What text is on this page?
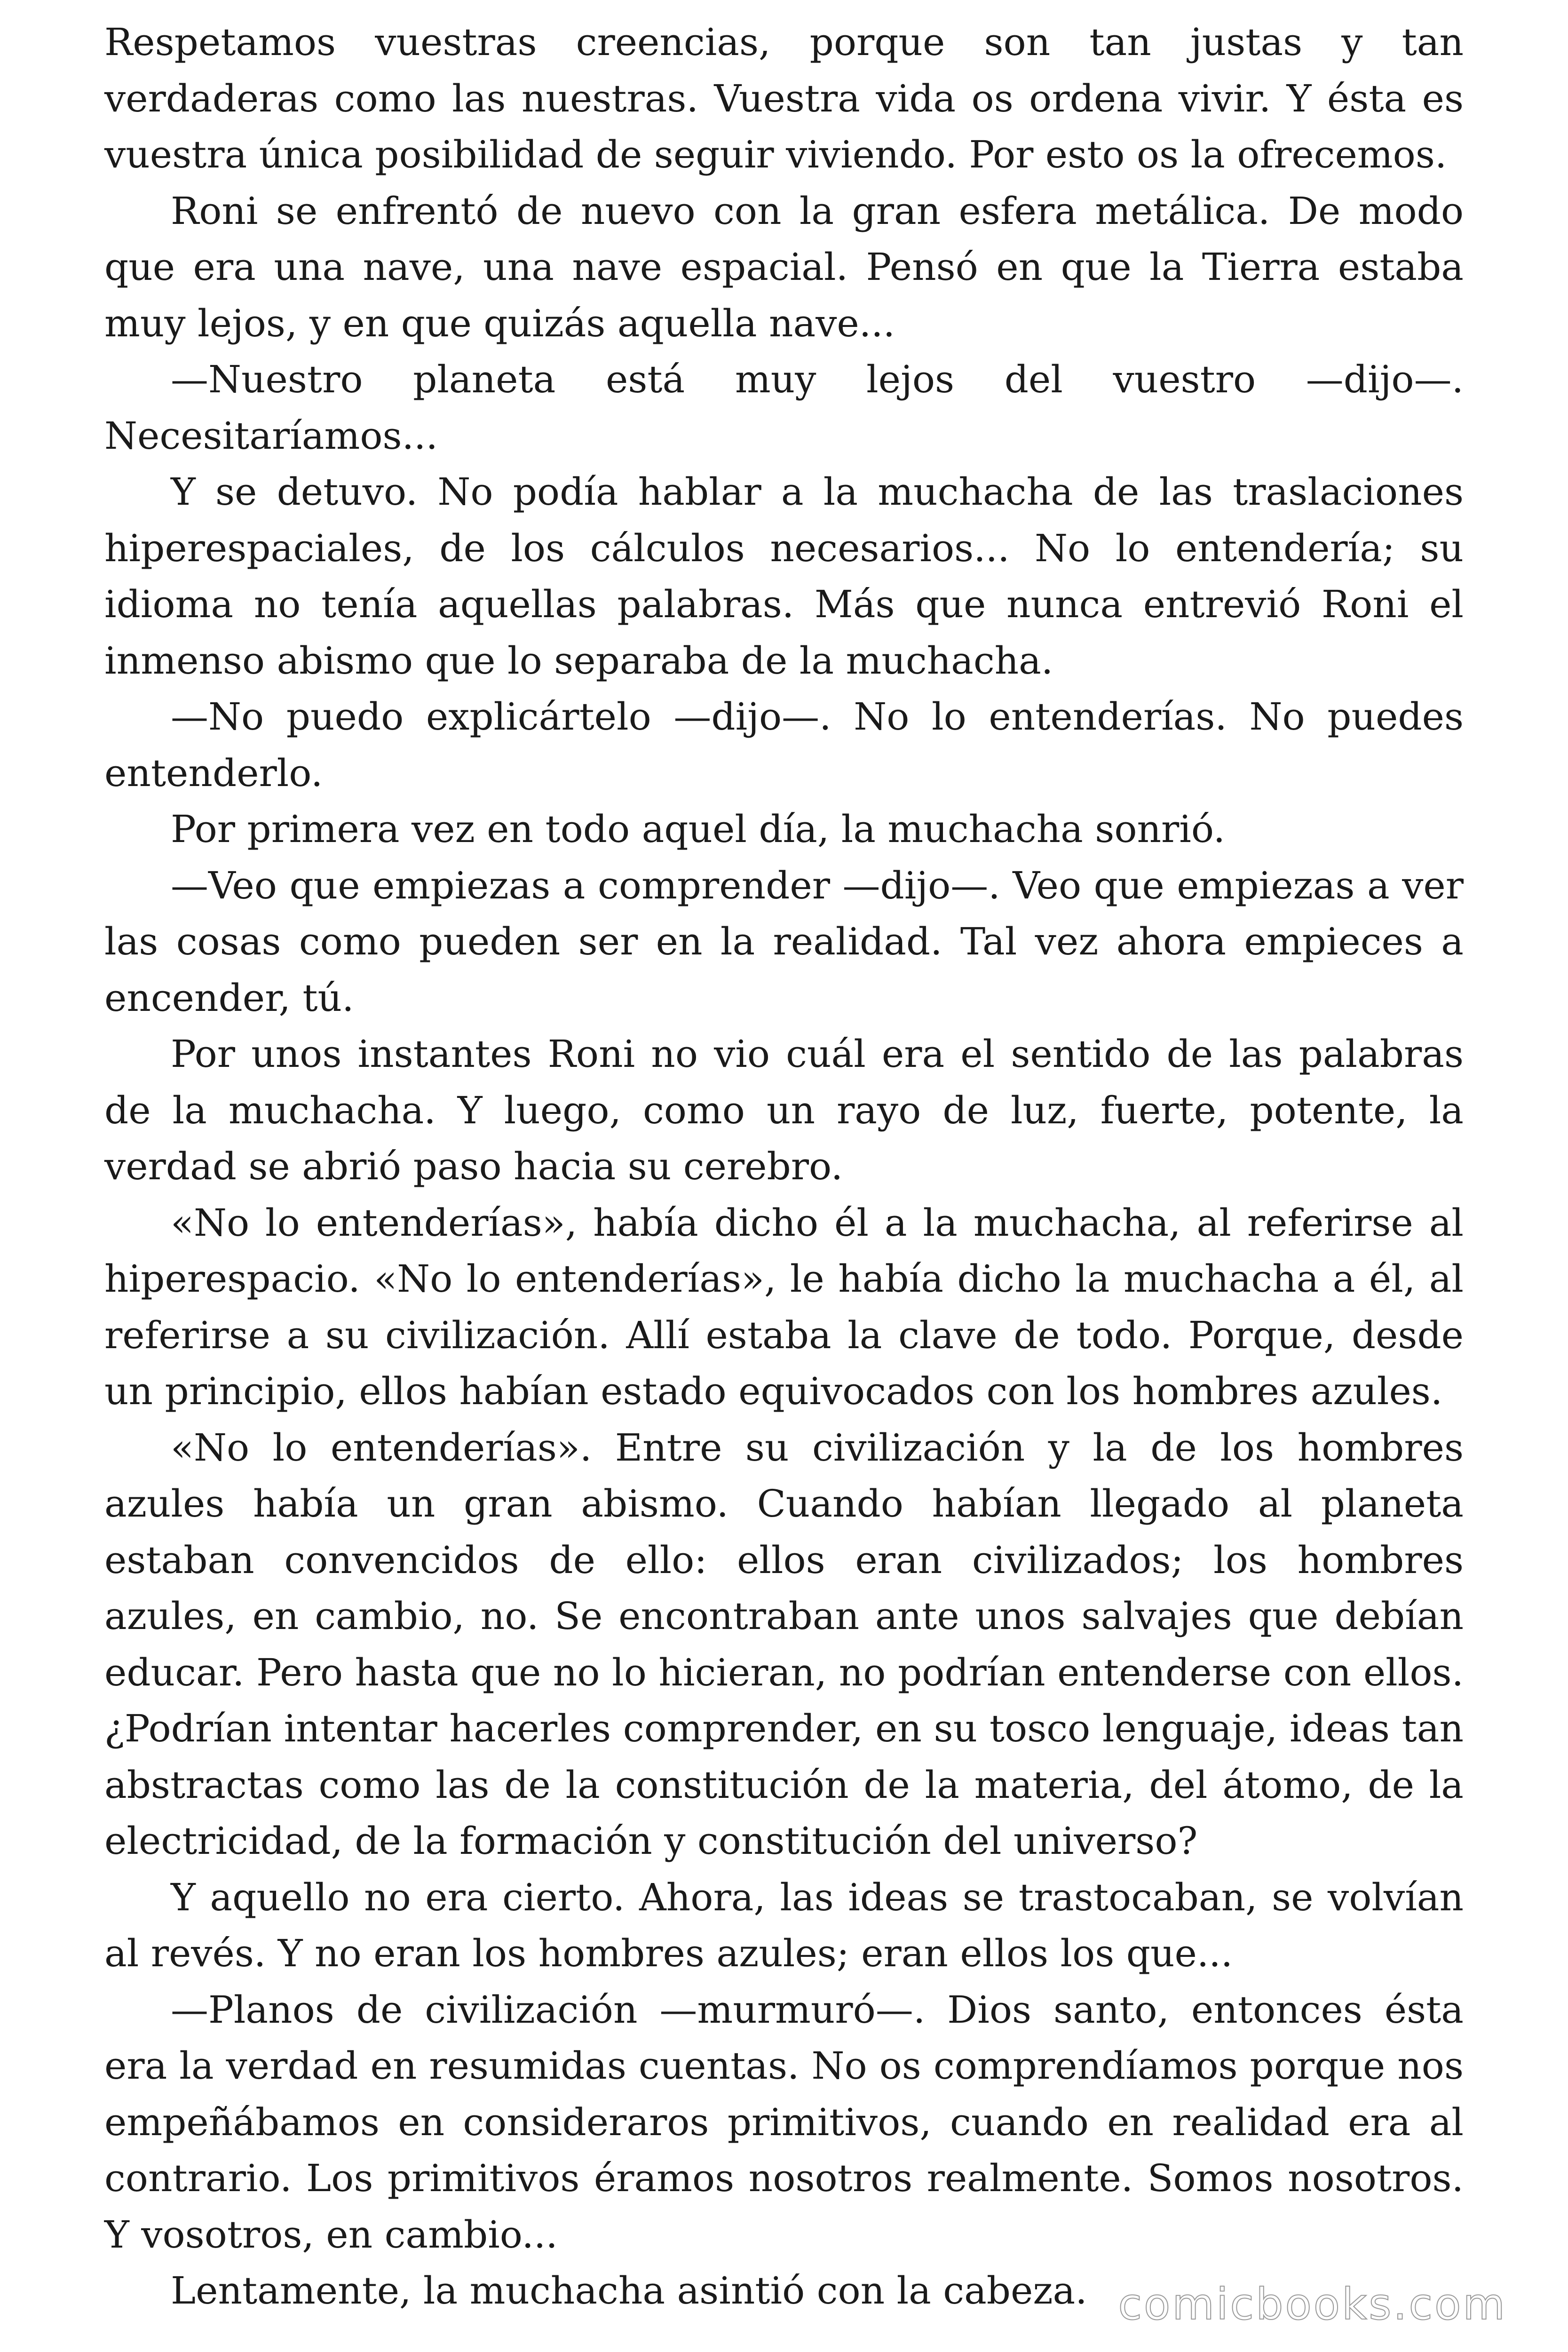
Respetamos vuestras creencias, porque son tan justas y tan verdaderas como las nuestras. Vuestra vida os ordena vivir. Y ésta es vuestra única posibilidad de seguir viviendo. Por esto os la ofrecemos.

Roni se enfrentó de nuevo con la gran esfera metálica. De modo que era una nave, una nave espacial. Pensó en que la Tierra estaba muy lejos, y en que quizás aquella nave...

—Nuestro planeta está muy lejos del vuestro —dijo—. Necesitaríamos...

Y se detuvo. No podía hablar a la muchacha de las traslaciones hiperespaciales, de los cálculos necesarios... No lo entendería; su idioma no tenía aquellas palabras. Más que nunca entrevió Roni el inmenso abismo que lo separaba de la muchacha.

—No puedo explicártelo —dijo—. No lo entenderías. No puedes entenderlo.

Por primera vez en todo aquel día, la muchacha sonrió.

—Veo que empiezas a comprender —dijo—. Veo que empiezas a ver las cosas como pueden ser en la realidad. Tal vez ahora empieces a encender, tú.

Por unos instantes Roni no vio cuál era el sentido de las palabras de la muchacha. Y luego, como un rayo de luz, fuerte, potente, la verdad se abrió paso hacia su cerebro.

«No lo entenderías», había dicho él a la muchacha, al referirse al hiperespacio. «No lo entenderías», le había dicho la muchacha a él, al referirse a su civilización. Allí estaba la clave de todo. Porque, desde un principio, ellos habían estado equivocados con los hombres azules.

«No lo entenderías». Entre su civilización y la de los hombres azules había un gran abismo. Cuando habían llegado al planeta estaban convencidos de ello: ellos eran civilizados; los hombres azules, en cambio, no. Se encontraban ante unos salvajes que debían educar. Pero hasta que no lo hicieran, no podrían entenderse con ellos. ¿Podrían intentar hacerles comprender, en su tosco lenguaje, ideas tan abstractas como las de la constitución de la materia, del átomo, de la electricidad, de la formación y constitución del universo?

Y aquello no era cierto. Ahora, las ideas se trastocaban, se volvían al revés. Y no eran los hombres azules; eran ellos los que...

—Planos de civilización —murmuró—. Dios santo, entonces ésta era la verdad en resumidas cuentas. No os comprendíamos porque nos empeñábamos en consideraros primitivos, cuando en realidad era al contrario. Los primitivos éramos nosotros realmente. Somos nosotros. Y vosotros, en cambio...

Lentamente, la muchacha asintió con la cabeza. comicbooks.com
